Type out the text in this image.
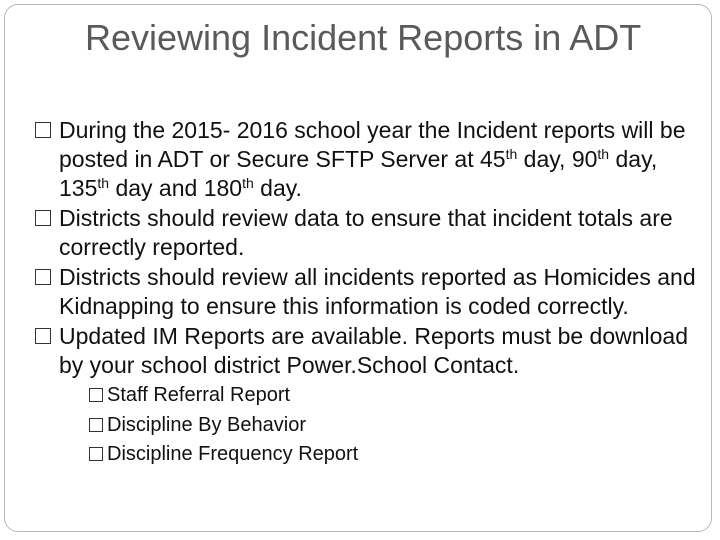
Reviewing Incident Reports in ADT
During the 2015- 2016 school year the Incident reports will be posted in ADT or Secure SFTP Server at 45th day, 90th day, 135th day and 180th day.
Districts should review data to ensure that incident totals are correctly reported.
Districts should review all incidents reported as Homicides and Kidnapping to ensure this information is coded correctly.
Updated IM Reports are available. Reports must be download by your school district Power.School Contact.
Staff Referral Report
Discipline By Behavior
Discipline Frequency Report
